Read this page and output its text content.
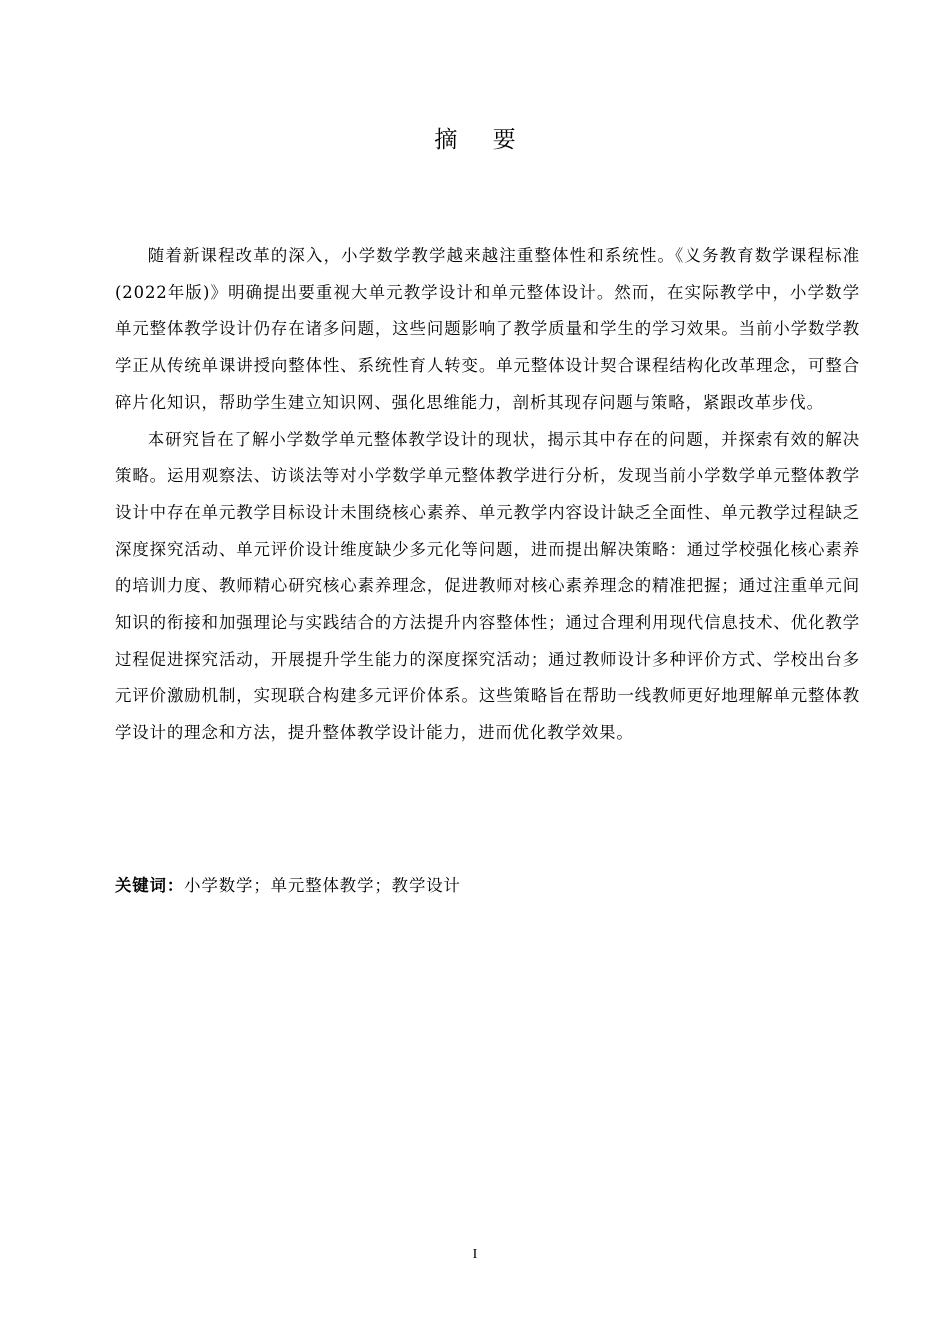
摘 要

随着新课程改革的深入，小学数学教学越来越注重整体性和系统性。《义务教育数学课程标准(2022年版)》明确提出要重视大单元教学设计和单元整体设计。然而，在实际教学中，小学数学单元整体教学设计仍存在诸多问题，这些问题影响了教学质量和学生的学习效果。当前小学数学教学正从传统单课讲授向整体性、系统性育人转变。单元整体设计契合课程结构化改革理念，可整合碎片化知识，帮助学生建立知识网、强化思维能力，剖析其现存问题与策略，紧跟改革步伐。

本研究旨在了解小学数学单元整体教学设计的现状，揭示其中存在的问题，并探索有效的解决策略。运用观察法、访谈法等对小学数学单元整体教学进行分析，发现当前小学数学单元整体教学设计中存在单元教学目标设计未围绕核心素养、单元教学内容设计缺乏全面性、单元教学过程缺乏深度探究活动、单元评价设计维度缺少多元化等问题，进而提出解决策略：通过学校强化核心素养的培训力度、教师精心研究核心素养理念，促进教师对核心素养理念的精准把握；通过注重单元间知识的衔接和加强理论与实践结合的方法提升内容整体性；通过合理利用现代信息技术、优化教学过程促进探究活动，开展提升学生能力的深度探究活动；通过教师设计多种评价方式、学校出台多元评价激励机制，实现联合构建多元评价体系。这些策略旨在帮助一线教师更好地理解单元整体教学设计的理念和方法，提升整体教学设计能力，进而优化教学效果。

关键词：小学数学；单元整体教学；教学设计
I
